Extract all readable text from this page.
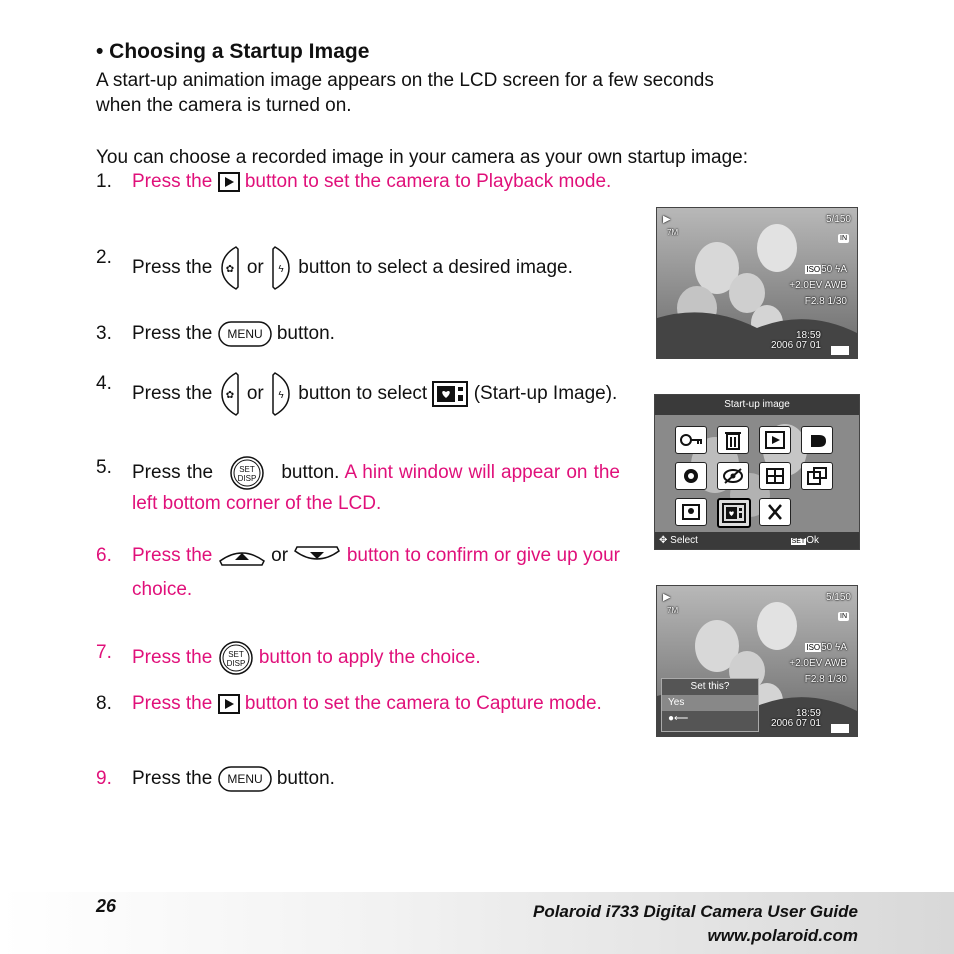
• Choosing a Startup Image
A start-up animation image appears on the LCD screen for a few seconds
when the camera is turned on.
You can choose a recorded image in your camera as your own startup image:
1.	Press the button to set the camera to Playback mode.
2.	Press the ✿ or ϟ button to select a desired image.
3.	Press the MENU button.
4.	Press the ✿ or ϟ button to select (Start-up Image).
5.	Press the	SET
DISP button. A hint window will appear on the left bottom corner of the LCD.
6.	Press the	or	button to confirm or give up your choice.
7.	Press the SET
DISP button to apply the choice.
8.	Press the button to set the camera to Capture mode.
9.	Press the MENU button.
▶
7M
5/150
IN
ISO50 ϟA
+2.0EV AWB
F2.8 1/30
18:59
2006 07 01
Start-up image
✥ Select	SETOk
▶
7M
5/150
IN
ISO50 ϟA
+2.0EV AWB
F2.8 1/30
18:59
2006 07 01
Set this?
Yes
●⟵
26	Polaroid i733 Digital Camera User Guide
www.polaroid.com
